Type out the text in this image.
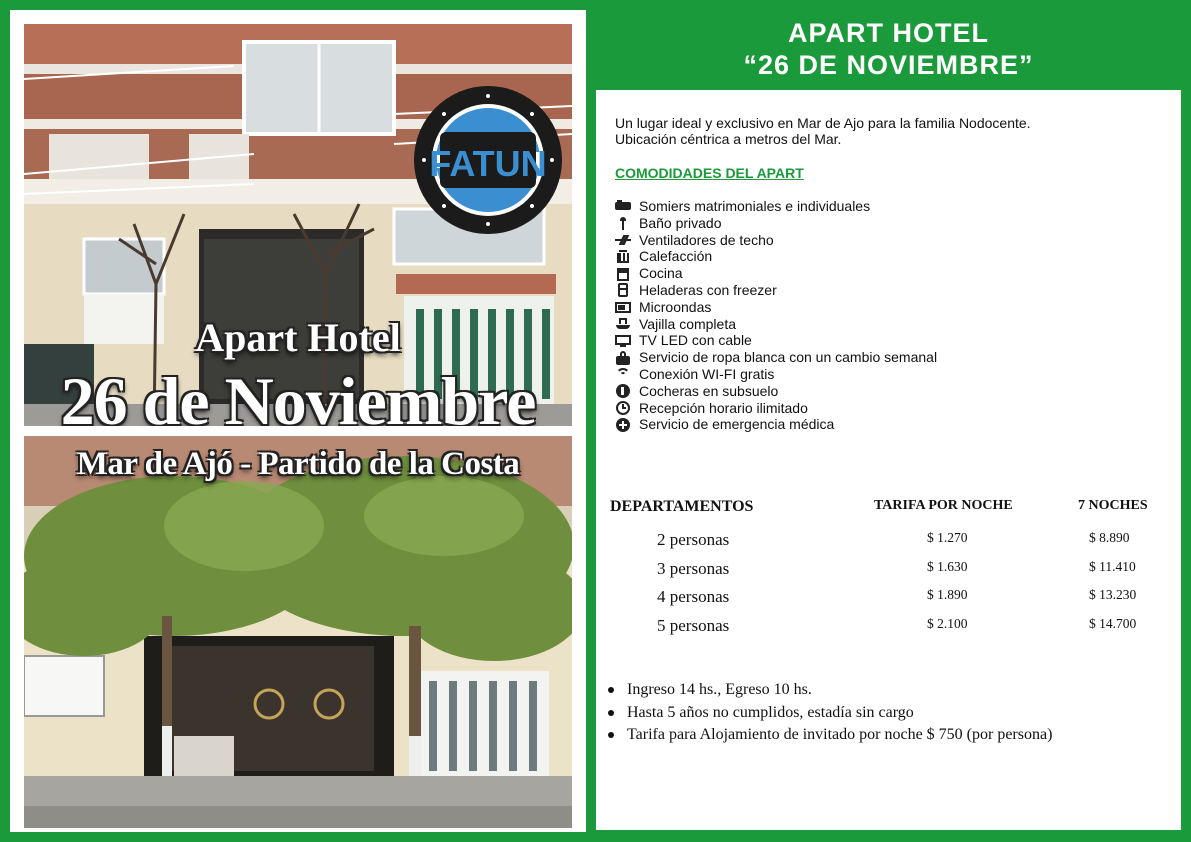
Apart Hotel
26 de Noviembre
FATUN
Mar de Ajó - Partido de la Costa
APART HOTEL
“26 DE NOVIEMBRE”
Un lugar ideal y exclusivo en Mar de Ajo para la familia Nodocente.
Ubicación céntrica a metros del Mar.
COMODIDADES DEL APART
Somiers matrimoniales e individuales
Baño privado
Ventiladores de techo
Calefacción
Cocina
Heladeras con freezer
Microondas
Vajilla completa
TV LED con cable
Servicio de ropa blanca con un cambio semanal
Conexión WI-FI gratis
Cocheras en subsuelo
Recepción horario ilimitado
Servicio de emergencia médica
DEPARTAMENTOS	TARIFA POR NOCHE	7 NOCHES
2 personas	$ 1.270	$ 8.890
3 personas	$ 1.630	$ 11.410
4 personas	$ 1.890	$ 13.230
5 personas	$ 2.100	$ 14.700
Ingreso 14 hs., Egreso 10 hs.
Hasta 5 años no cumplidos, estadía sin cargo
Tarifa para Alojamiento de invitado por noche $ 750 (por persona)
